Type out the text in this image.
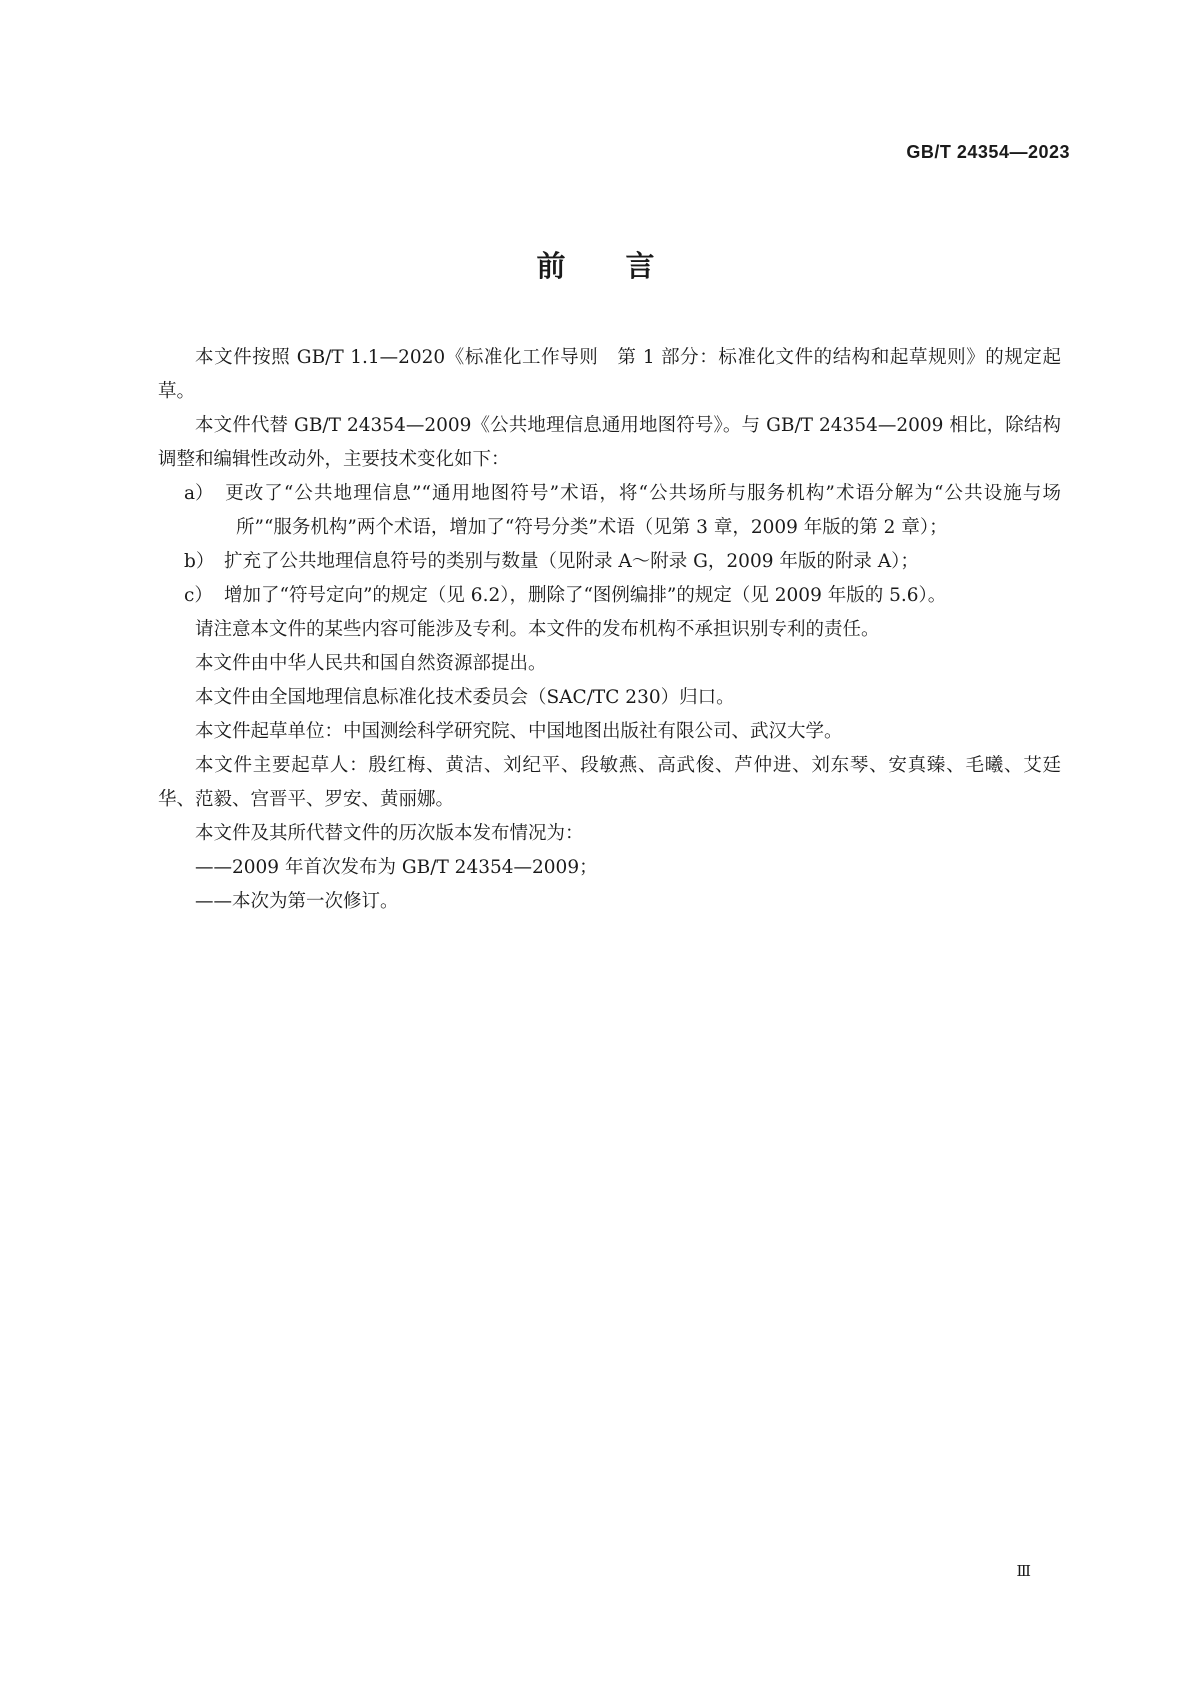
GB/T 24354—2023
前言

本文件按照 GB/T 1.1—2020《标准化工作导则　第 1 部分：标准化文件的结构和起草规则》的规定起草。

本文件代替 GB/T 24354—2009《公共地理信息通用地图符号》。与 GB/T 24354—2009 相比，除结构调整和编辑性改动外，主要技术变化如下：

a） 更改了“公共地理信息”“通用地图符号”术语，将“公共场所与服务机构”术语分解为“公共设施与场所”“服务机构”两个术语，增加了“符号分类”术语（见第 3 章，2009 年版的第 2 章）；

b） 扩充了公共地理信息符号的类别与数量（见附录 A～附录 G，2009 年版的附录 A）；

c） 增加了“符号定向”的规定（见 6.2），删除了“图例编排”的规定（见 2009 年版的 5.6）。

请注意本文件的某些内容可能涉及专利。本文件的发布机构不承担识别专利的责任。

本文件由中华人民共和国自然资源部提出。

本文件由全国地理信息标准化技术委员会（SAC/TC 230）归口。

本文件起草单位：中国测绘科学研究院、中国地图出版社有限公司、武汉大学。

本文件主要起草人：殷红梅、黄洁、刘纪平、段敏燕、高武俊、芦仲进、刘东琴、安真臻、毛曦、艾廷华、范毅、宫晋平、罗安、黄丽娜。

本文件及其所代替文件的历次版本发布情况为：

——2009 年首次发布为 GB/T 24354—2009；

——本次为第一次修订。

Ⅲ
